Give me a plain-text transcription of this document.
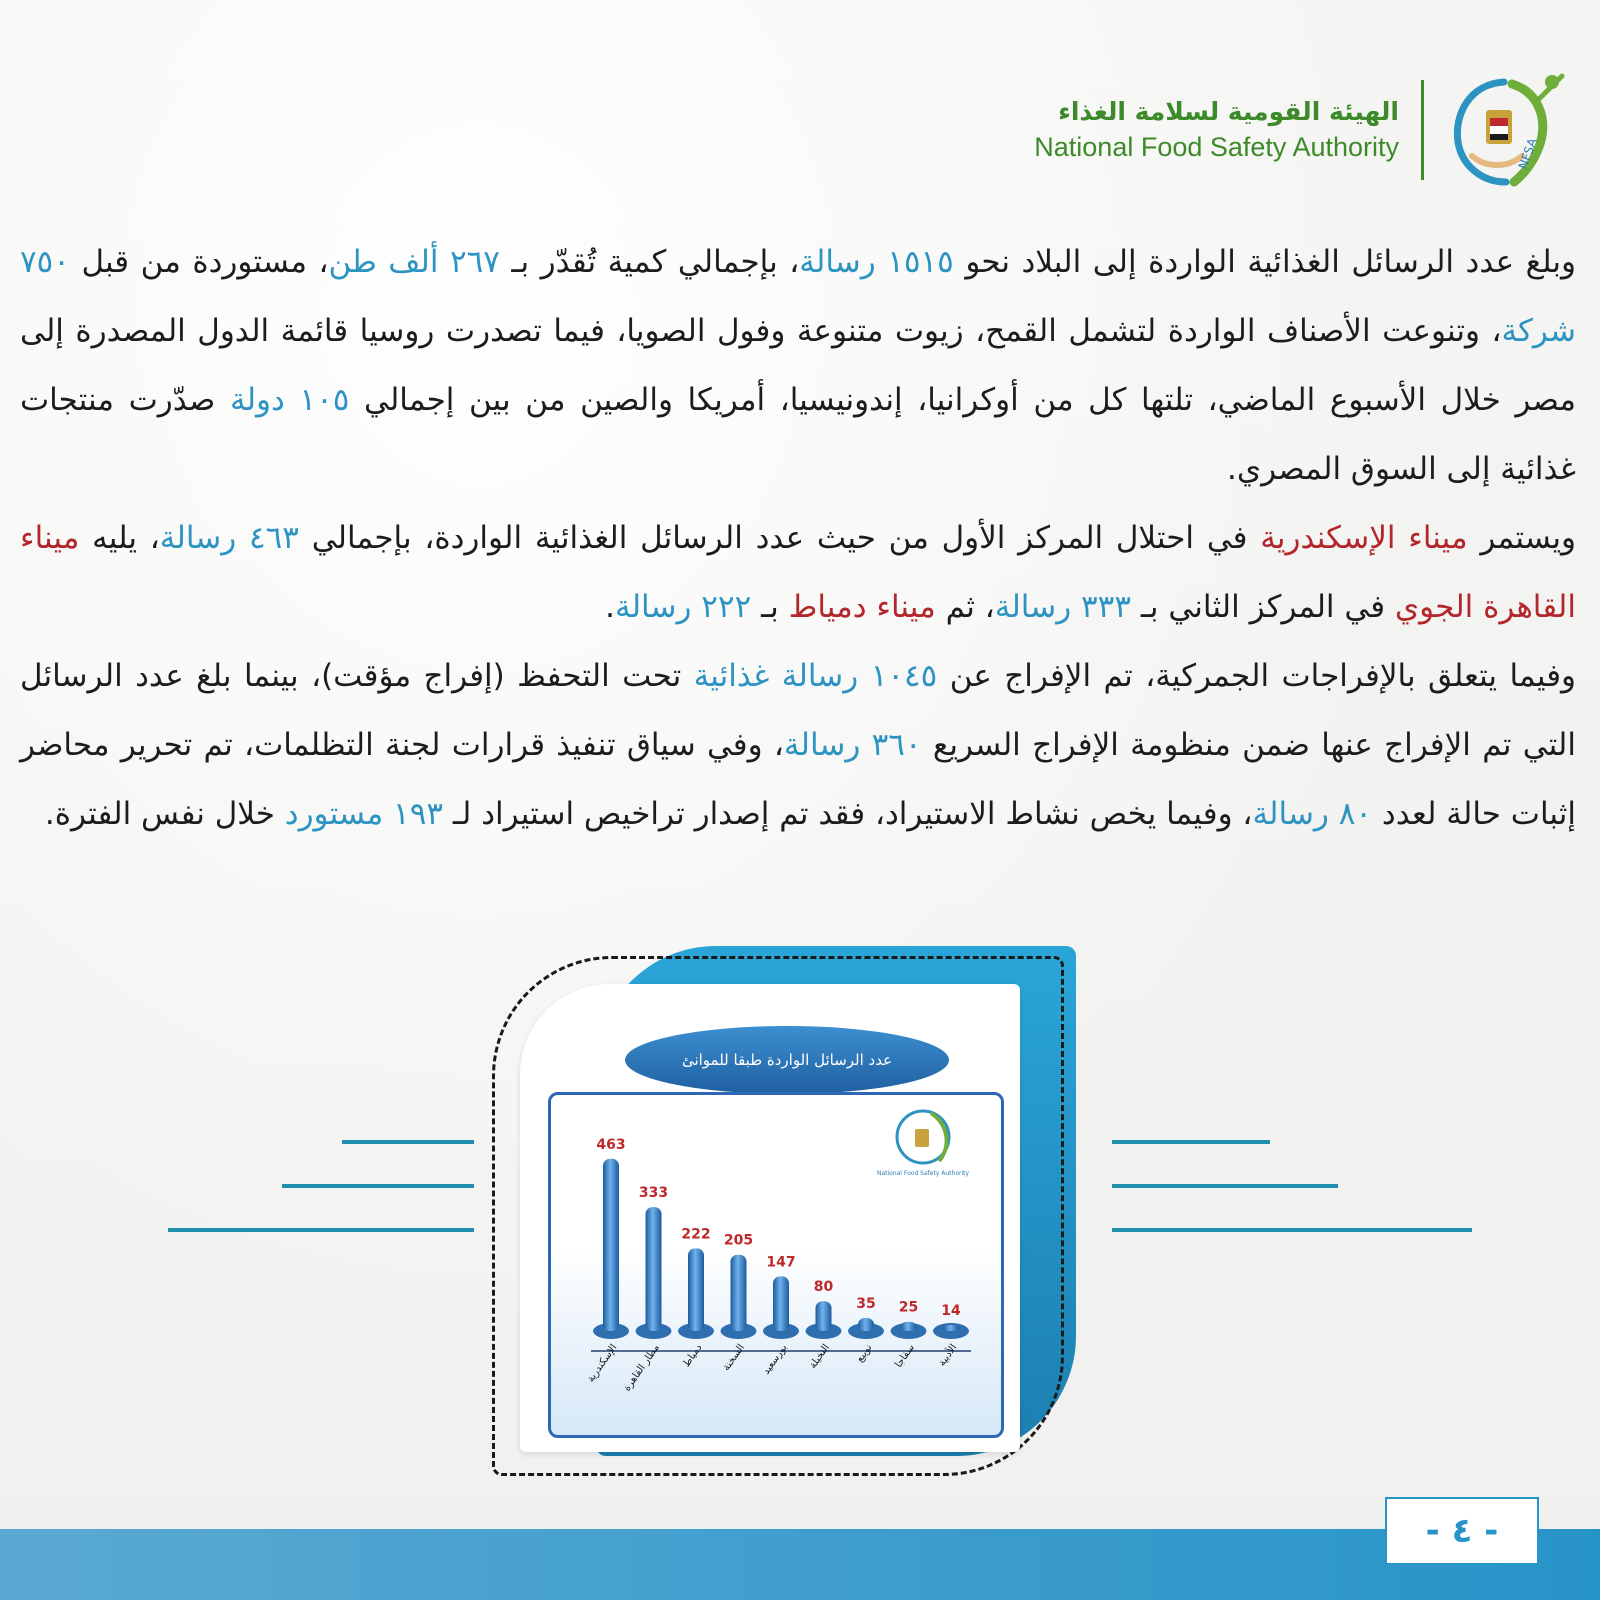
الهيئة القومية لسلامة الغذاء
National Food Safety Authority	NFSA

وبلغ عدد الرسائل الغذائية الواردة إلى البلاد نحو ١٥١٥ رسالة، بإجمالي كمية تُقدّر بـ ٢٦٧ ألف طن، مستوردة من قبل ٧٥٠ شركة، وتنوعت الأصناف الواردة لتشمل القمح، زيوت متنوعة وفول الصويا، فيما تصدرت روسيا قائمة الدول المصدرة إلى مصر خلال الأسبوع الماضي، تلتها كل من أوكرانيا، إندونيسيا، أمريكا والصين من بين إجمالي ١٠٥ دولة صدّرت منتجات غذائية إلى السوق المصري.

ويستمر ميناء الإسكندرية في احتلال المركز الأول من حيث عدد الرسائل الغذائية الواردة، بإجمالي ٤٦٣ رسالة، يليه ميناء القاهرة الجوي في المركز الثاني بـ ٣٣٣ رسالة، ثم ميناء دمياط بـ ٢٢٢ رسالة.

وفيما يتعلق بالإفراجات الجمركية، تم الإفراج عن ١٠٤٥ رسالة غذائية تحت التحفظ (إفراج مؤقت)، بينما بلغ عدد الرسائل التي تم الإفراج عنها ضمن منظومة الإفراج السريع ٣٦٠ رسالة، وفي سياق تنفيذ قرارات لجنة التظلمات، تم تحرير محاضر إثبات حالة لعدد ٨٠ رسالة، وفيما يخص نشاط الاستيراد، فقد تم إصدار تراخيص استيراد لـ ١٩٣ مستورد خلال نفس الفترة.

عدد الرسائل الواردة طبقا للموانئ
National Food Safety Authority
463
الإسكندرية
333
مطار القاهرة
222
دمياط
205
السخنة
147
بورسعيد
80
النخيلة
35
نويبع
25
سفاجا
14
الأدبية
- ٤ -
